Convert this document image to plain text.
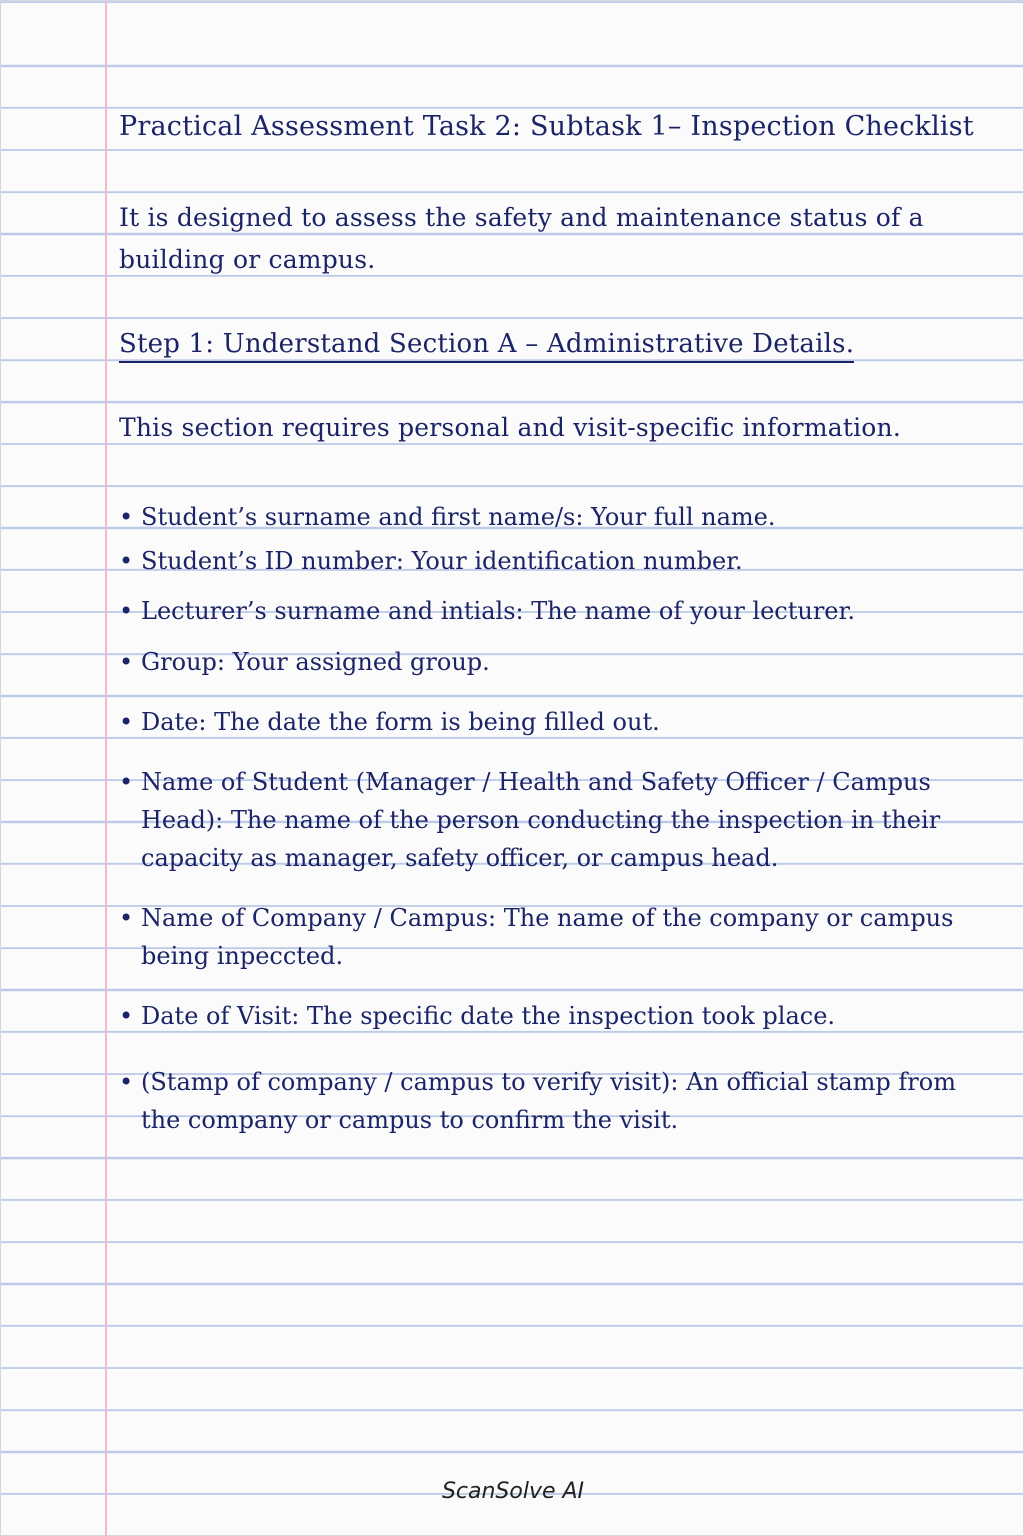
Practical Assessment Task 2: Subtask 1– Inspection Checklist
It is designed to assess the safety and maintenance status of a building or campus.
Step 1: Understand Section A – Administrative Details.
This section requires personal and visit-specific information.
• Student’s surname and first name/s: Your full name.
• Student’s ID number: Your identification number.
• Lecturer’s surname and intials: The name of your lecturer.
• Group: Your assigned group.
• Date: The date the form is being filled out.
• Name of Student (Manager / Health and Safety Officer / Campus Head): The name of the person conducting the inspection in their capacity as manager, safety officer, or campus head.
• Name of Company / Campus: The name of the company or campus being inpeccted.
• Date of Visit: The specific date the inspection took place.
• (Stamp of company / campus to verify visit): An official stamp from the company or campus to confirm the visit.
ScanSolve AI
